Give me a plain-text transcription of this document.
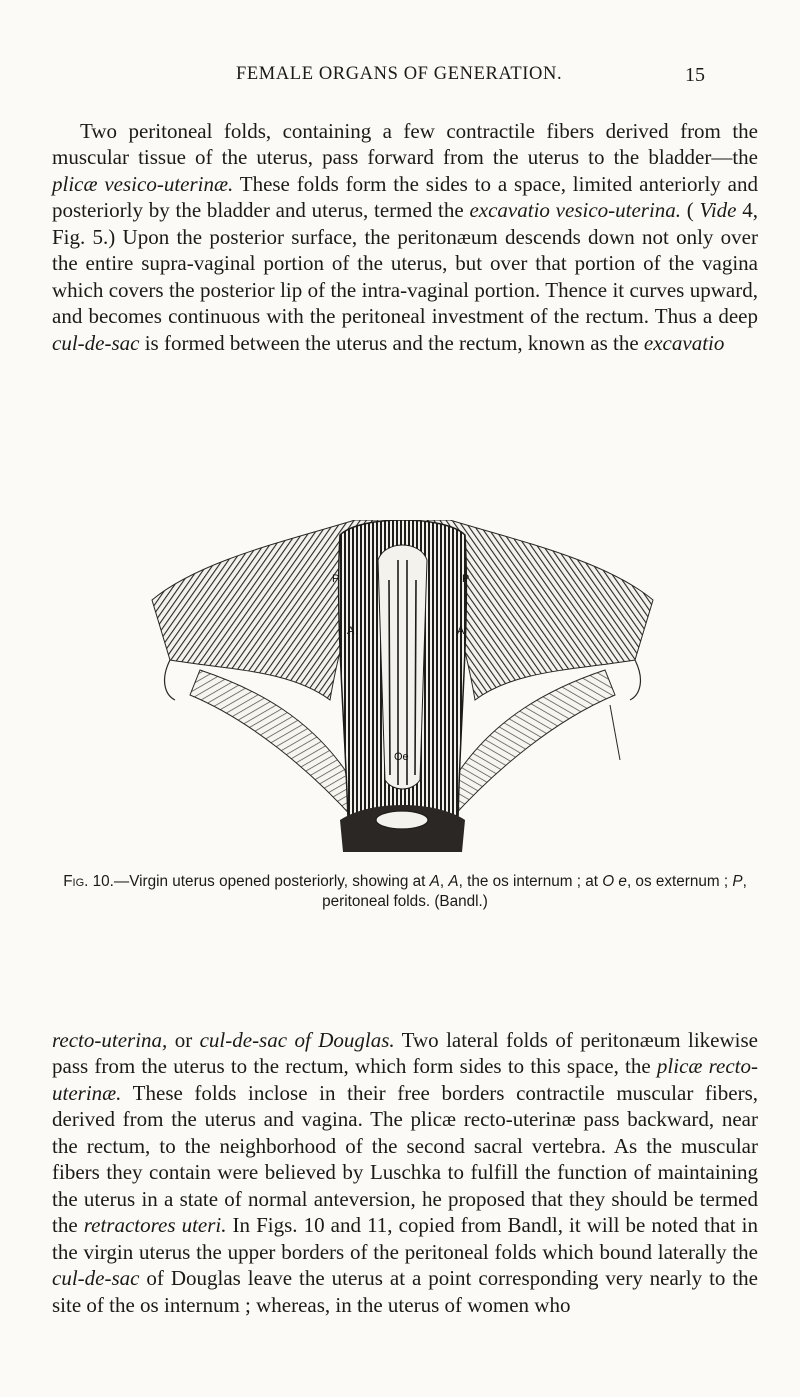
FEMALE ORGANS OF GENERATION.	15

Two peritoneal folds, containing a few contractile fibers derived from the muscular tissue of the uterus, pass forward from the uterus to the bladder—the plicæ vesico-uterinæ. These folds form the sides to a space, limited anteriorly and posteriorly by the bladder and uterus, termed the excavatio vesico-uterina. ( Vide 4, Fig. 5.) Upon the posterior surface, the peritonæum descends down not only over the entire supra-vaginal portion of the uterus, but over that portion of the vagina which covers the posterior lip of the intra-vaginal portion. Thence it curves upward, and becomes continuous with the peritoneal investment of the rectum. Thus a deep cul-de-sac is formed between the uterus and the rectum, known as the excavatio

P
A
P
A
Oe

Fig. 10.—Virgin uterus opened posteriorly, showing at A, A, the os internum ; at O e, os externum ; P, peritoneal folds. (Bandl.)

recto-uterina, or cul-de-sac of Douglas. Two lateral folds of peritonæum likewise pass from the uterus to the rectum, which form sides to this space, the plicæ recto-uterinæ. These folds inclose in their free borders contractile muscular fibers, derived from the uterus and vagina. The plicæ recto-uterinæ pass backward, near the rectum, to the neighborhood of the second sacral vertebra. As the muscular fibers they contain were believed by Luschka to fulfill the function of maintaining the uterus in a state of normal anteversion, he proposed that they should be termed the retractores uteri. In Figs. 10 and 11, copied from Bandl, it will be noted that in the virgin uterus the upper borders of the peritoneal folds which bound laterally the cul-de-sac of Douglas leave the uterus at a point corresponding very nearly to the site of the os internum ; whereas, in the uterus of women who
